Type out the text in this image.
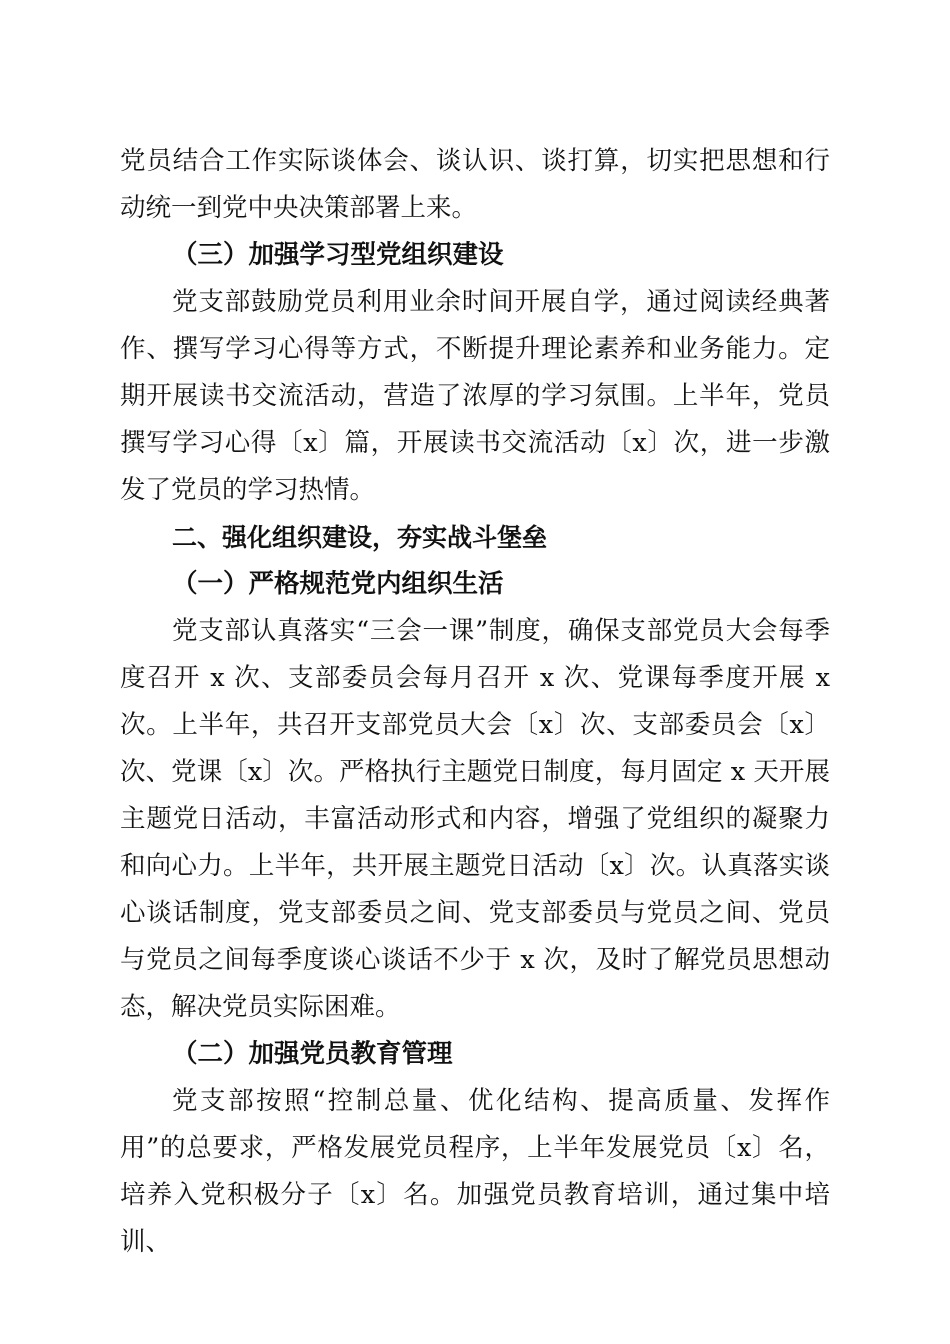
党员结合工作实际谈体会、谈认识、谈打算，切实把思想和行动统一到党中央决策部署上来。

（三）加强学习型党组织建设

党支部鼓励党员利用业余时间开展自学，通过阅读经典著作、撰写学习心得等方式，不断提升理论素养和业务能力。定期开展读书交流活动，营造了浓厚的学习氛围。上半年，党员撰写学习心得〔x〕篇，开展读书交流活动〔x〕次，进一步激发了党员的学习热情。

二、强化组织建设，夯实战斗堡垒

（一）严格规范党内组织生活

党支部认真落实“三会一课”制度，确保支部党员大会每季度召开 x 次、支部委员会每月召开 x 次、党课每季度开展 x 次。上半年，共召开支部党员大会〔x〕次、支部委员会〔x〕次、党课〔x〕次。严格执行主题党日制度，每月固定 x 天开展主题党日活动，丰富活动形式和内容，增强了党组织的凝聚力和向心力。上半年，共开展主题党日活动〔x〕次。认真落实谈心谈话制度，党支部委员之间、党支部委员与党员之间、党员与党员之间每季度谈心谈话不少于 x 次，及时了解党员思想动态，解决党员实际困难。

（二）加强党员教育管理

党支部按照“控制总量、优化结构、提高质量、发挥作用”的总要求，严格发展党员程序，上半年发展党员〔x〕名，培养入党积极分子〔x〕名。加强党员教育培训，通过集中培训、
